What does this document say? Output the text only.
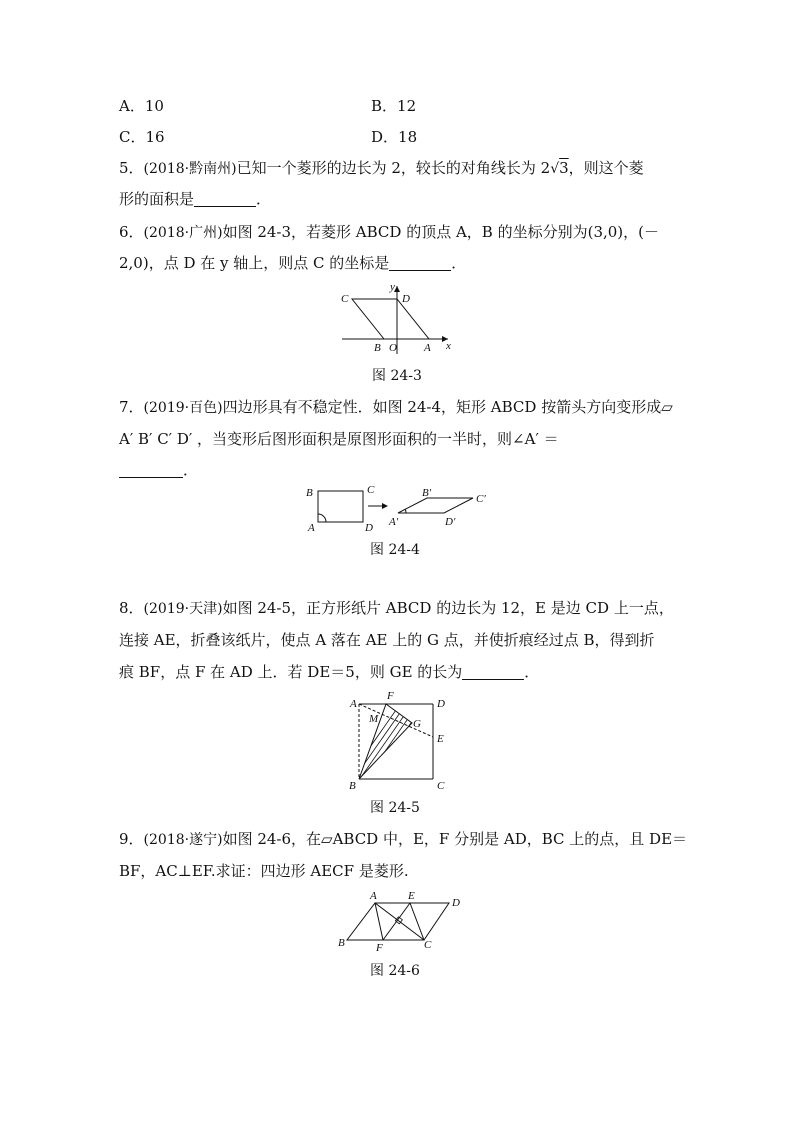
A．10	B．12
C．16	D．18
5．(2018·黔南州)已知一个菱形的边长为 2，较长的对角线长为 2√3，则这个菱
形的面积是	．
6．(2018·广州)如图 24-3，若菱形 ABCD 的顶点 A，B 的坐标分别为(3,0)，(－
2,0)，点 D 在 y 轴上，则点 C 的坐标是	．
C	D
y
B O A x
图 24-3
7．(2019·百色)四边形具有不稳定性．如图 24-4，矩形 ABCD 按箭头方向变形成▱
A′ B′ C′ D′ ，当变形后图形面积是原图形面积的一半时，则∠A′ ＝
．
B	C
A	D
B′	C′
A′	D′
图 24-4
8．(2019·天津)如图 24-5，正方形纸片 ABCD 的边长为 12，E 是边 CD 上一点，
连接 AE，折叠该纸片，使点 A 落在 AE 上的 G 点，并使折痕经过点 B，得到折
痕 BF，点 F 在 AD 上．若 DE＝5，则 GE 的长为	．
A
F
D
M	G
E
B	C
图 24-5
9．(2018·遂宁)如图 24-6，在▱ABCD 中，E，F 分别是 AD，BC 上的点，且 DE＝
BF，AC⊥EF.求证：四边形 AECF 是菱形.
A	E
D
B	F	C
图 24-6
